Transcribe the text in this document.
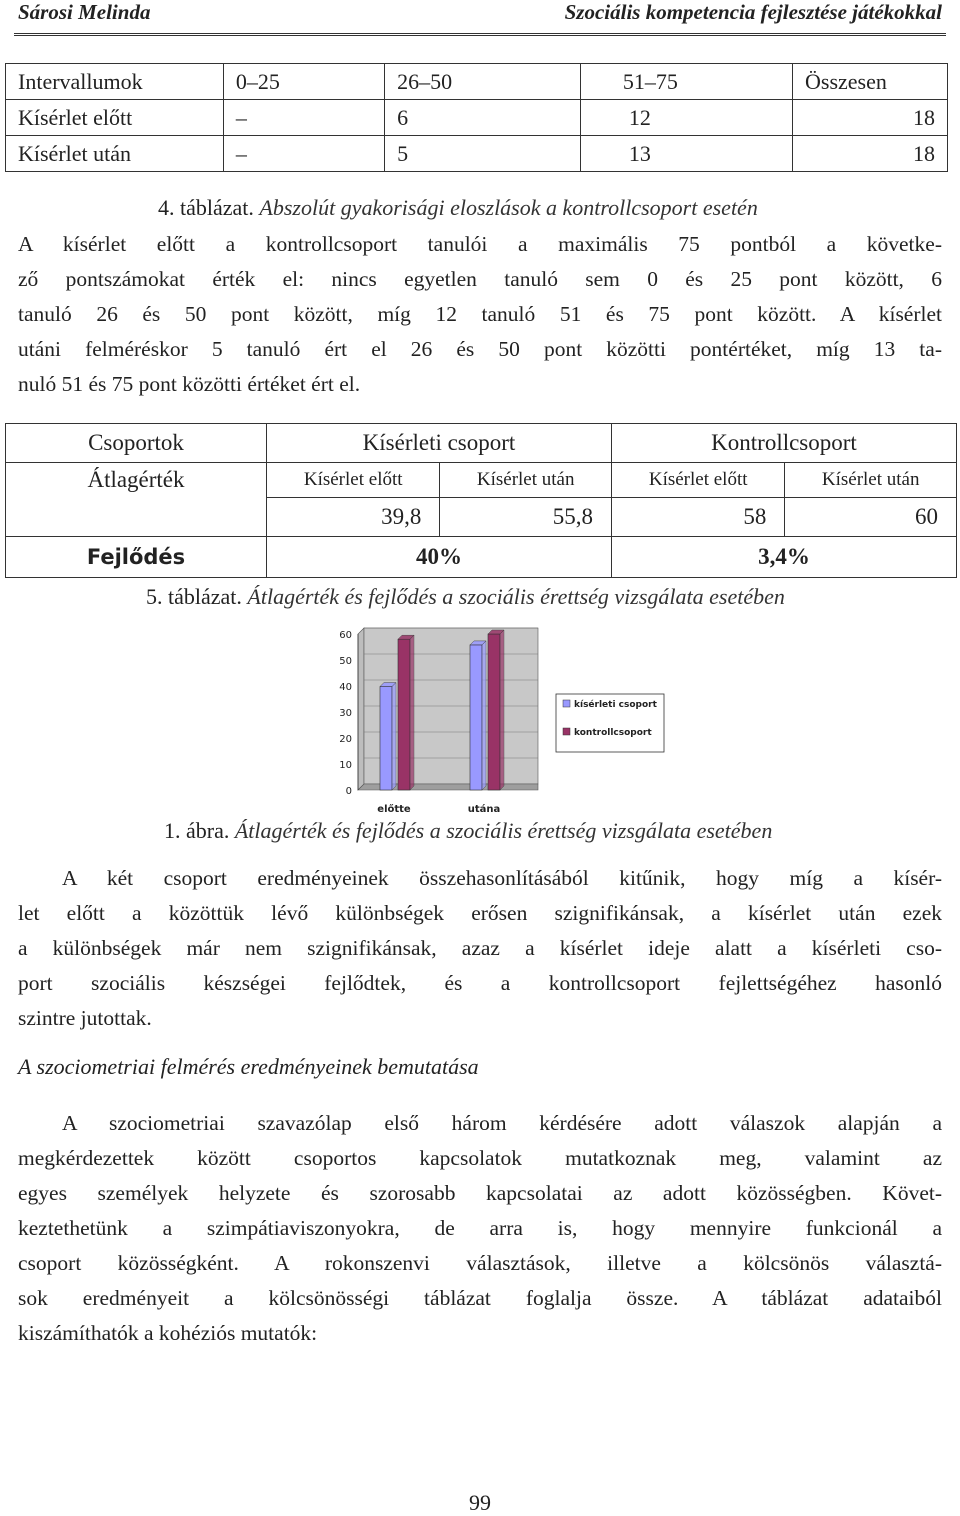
Sárosi Melinda	Szociális kompetencia fejlesztése játékokkal
Intervallumok	0–25	26–50	51–75	Összesen
Kísérlet előtt	–	6	12	18
Kísérlet után	–	5	13	18
4. táblázat. Abszolút gyakorisági eloszlások a kontrollcsoport esetén
A kísérlet előtt a kontrollcsoport tanulói a maximális 75 pontból a követke-
ző pontszámokat érték el: nincs egyetlen tanuló sem 0 és 25 pont között, 6
tanuló 26 és 50 pont között, míg 12 tanuló 51 és 75 pont között. A kísérlet
utáni felméréskor 5 tanuló ért el 26 és 50 pont közötti pontértéket, míg 13 ta-
nuló 51 és 75 pont közötti értéket ért el.
Csoportok	Kísérleti csoport		Kontrollcsoport	
Átlagérték	Kísérlet előtt	Kísérlet után	Kísérlet előtt	Kísérlet után
	39,8	55,8	58	60
Fejlődés	40%		3,4%	
5. táblázat. Átlagérték és fejlődés a szociális érettség vizsgálata esetében
0
10
20
30
40
50
60
előtte	utána
kísérleti csoport
kontrollcsoport
1. ábra. Átlagérték és fejlődés a szociális érettség vizsgálata esetében
A két csoport eredményeinek összehasonlításából kitűnik, hogy míg a kísér-
let előtt a közöttük lévő különbségek erősen szignifikánsak, a kísérlet után ezek
a különbségek már nem szignifikánsak, azaz a kísérlet ideje alatt a kísérleti cso-
port szociális készségei fejlődtek, és a kontrollcsoport fejlettségéhez hasonló
szintre jutottak.
A szociometriai felmérés eredményeinek bemutatása
A szociometriai szavazólap első három kérdésére adott válaszok alapján a
megkérdezettek között csoportos kapcsolatok mutatkoznak meg, valamint az
egyes személyek helyzete és szorosabb kapcsolatai az adott közösségben. Követ-
keztethetünk a szimpátiaviszonyokra, de arra is, hogy mennyire funkcionál a
csoport közösségként. A rokonszenvi választások, illetve a kölcsönös választá-
sok eredményeit a kölcsönösségi táblázat foglalja össze. A táblázat adataiból
kiszámíthatók a kohéziós mutatók:
99
